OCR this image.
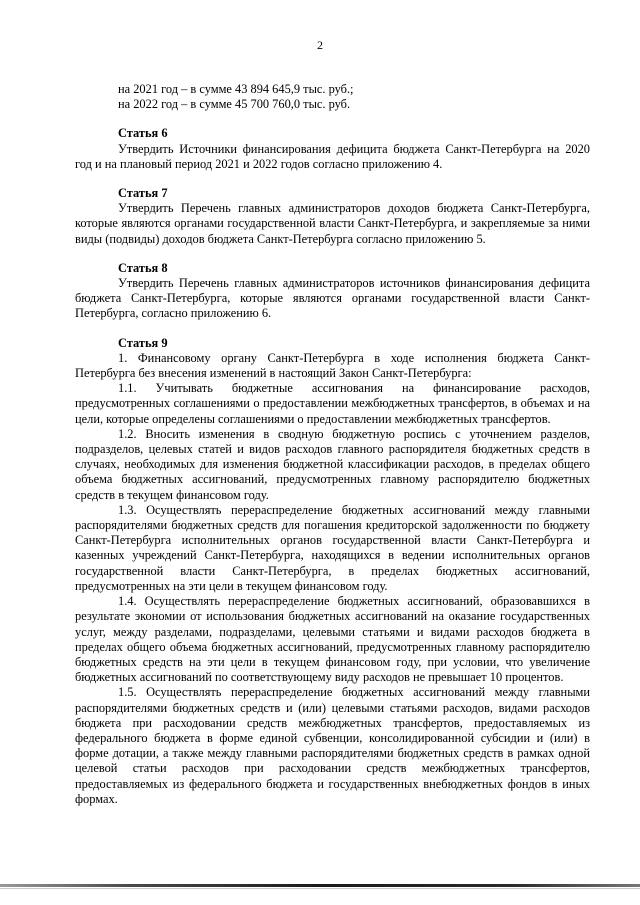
2

на 2021 год – в сумме 43 894 645,9 тыс. руб.;

на 2022 год – в сумме 45 700 760,0 тыс. руб.

Статья 6

Утвердить Источники финансирования дефицита бюджета Санкт-Петербурга на 2020 год и на плановый период 2021 и 2022 годов согласно приложению 4.

Статья 7

Утвердить Перечень главных администраторов доходов бюджета Санкт-Петербурга, которые являются органами государственной власти Санкт-Петербурга, и закрепляемые за ними виды (подвиды) доходов бюджета Санкт-Петербурга согласно приложению 5.

Статья 8

Утвердить Перечень главных администраторов источников финансирования дефицита бюджета Санкт-Петербурга, которые являются органами государственной власти Санкт-Петербурга, согласно приложению 6.

Статья 9

1. Финансовому органу Санкт-Петербурга в ходе исполнения бюджета Санкт-Петербурга без внесения изменений в настоящий Закон Санкт-Петербурга:

1.1. Учитывать бюджетные ассигнования на финансирование расходов, предусмотренных соглашениями о предоставлении межбюджетных трансфертов, в объемах и на цели, которые определены соглашениями о предоставлении межбюджетных трансфертов.

1.2. Вносить изменения в сводную бюджетную роспись с уточнением разделов, подразделов, целевых статей и видов расходов главного распорядителя бюджетных средств в случаях, необходимых для изменения бюджетной классификации расходов, в пределах общего объема бюджетных ассигнований, предусмотренных главному распорядителю бюджетных средств в текущем финансовом году.

1.3. Осуществлять перераспределение бюджетных ассигнований между главными распорядителями бюджетных средств для погашения кредиторской задолженности по бюджету Санкт-Петербурга исполнительных органов государственной власти Санкт-Петербурга и казенных учреждений Санкт-Петербурга, находящихся в ведении исполнительных органов государственной власти Санкт-Петербурга, в пределах бюджетных ассигнований, предусмотренных на эти цели в текущем финансовом году.

1.4. Осуществлять перераспределение бюджетных ассигнований, образовавшихся в результате экономии от использования бюджетных ассигнований на оказание государственных услуг, между разделами, подразделами, целевыми статьями и видами расходов бюджета в пределах общего объема бюджетных ассигнований, предусмотренных главному распорядителю бюджетных средств на эти цели в текущем финансовом году, при условии, что увеличение бюджетных ассигнований по соответствующему виду расходов не превышает 10 процентов.

1.5. Осуществлять перераспределение бюджетных ассигнований между главными распорядителями бюджетных средств и (или) целевыми статьями расходов, видами расходов бюджета при расходовании средств межбюджетных трансфертов, предоставляемых из федерального бюджета в форме единой субвенции, консолидированной субсидии и (или) в форме дотации, а также между главными распорядителями бюджетных средств в рамках одной целевой статьи расходов при расходовании средств межбюджетных трансфертов, предоставляемых из федерального бюджета и государственных внебюджетных фондов в иных формах.
